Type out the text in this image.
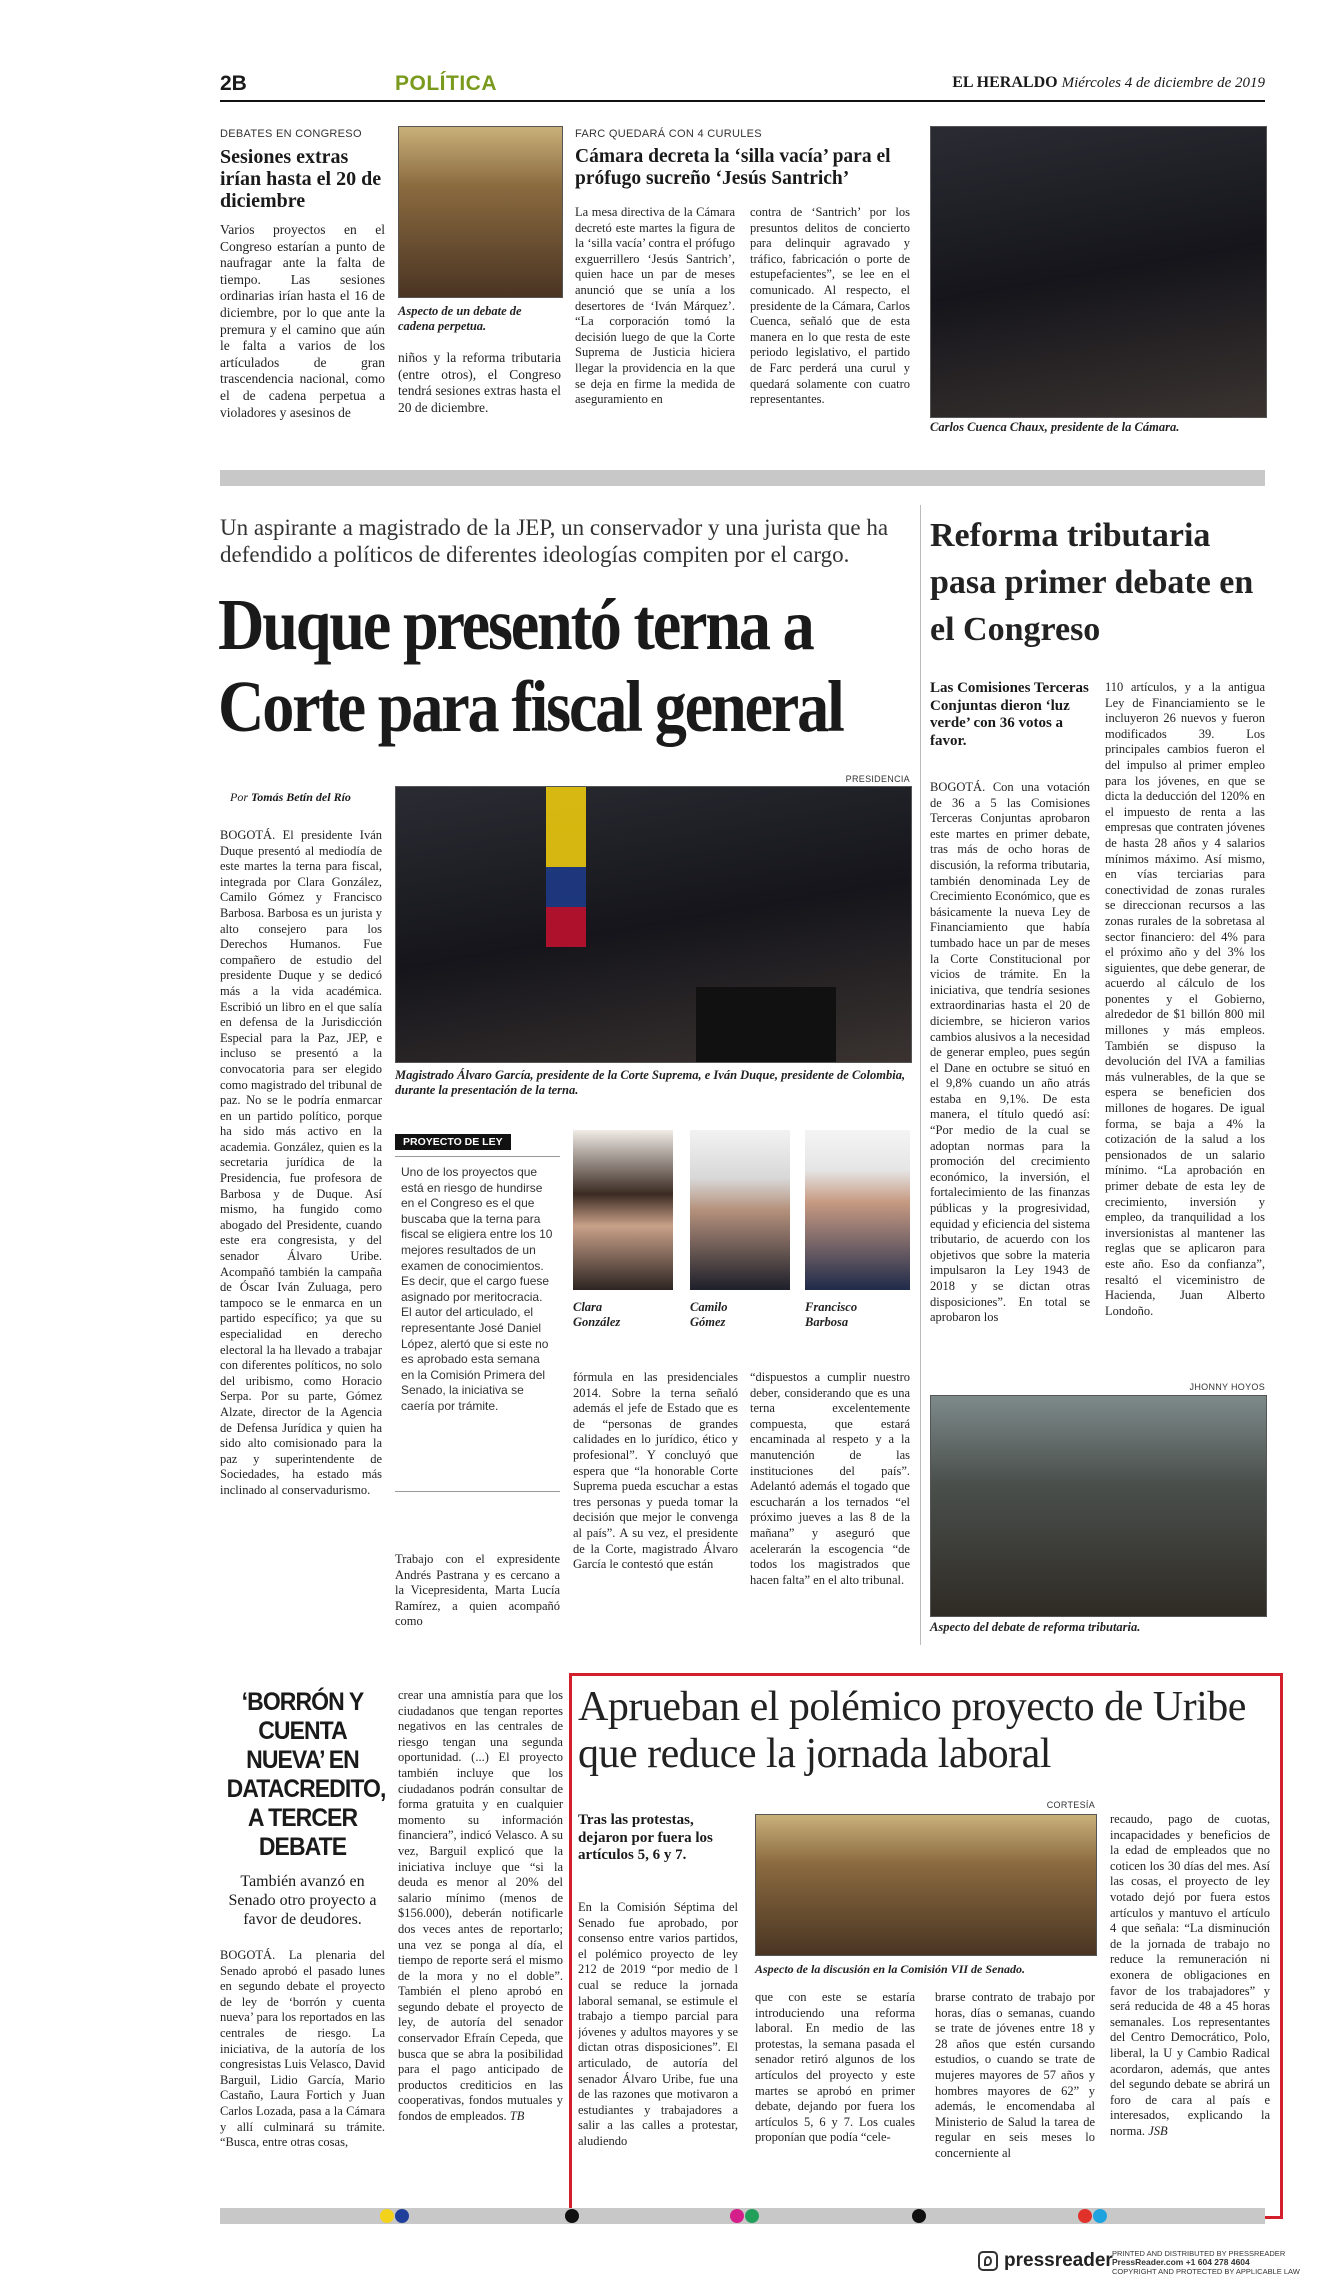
2B	POLÍTICA	EL HERALDO Miércoles 4 de diciembre de 2019
DEBATES EN CONGRESO
Sesiones extras irían hasta el 20 de diciembre
Varios proyectos en el Congreso estarían a punto de naufragar ante la falta de tiempo. Las sesiones ordinarias irían hasta el 16 de diciembre, por lo que ante la premura y el camino que aún le falta a varios de los artículados de gran trascendencia nacional, como el de cadena perpetua a violadores y asesinos de
Aspecto de un debate de cadena perpetua.
niños y la reforma tributaria (entre otros), el Congreso tendrá sesiones extras hasta el 20 de diciembre.
FARC QUEDARÁ CON 4 CURULES
Cámara decreta la ‘silla vacía’ para el prófugo sucreño ‘Jesús Santrich’
La mesa directiva de la Cámara decretó este martes la figura de la ‘silla vacía’ contra el prófugo exguerrillero ‘Jesús Santrich’, quien hace un par de meses anunció que se unía a los desertores de ‘Iván Márquez’. “La corporación tomó la decisión luego de que la Corte Suprema de Justicia hiciera llegar la providencia en la que se deja en firme la medida de aseguramiento en
contra de ‘Santrich’ por los presuntos delitos de concierto para delinquir agravado y tráfico, fabricación o porte de estupefacientes”, se lee en el comunicado. Al respecto, el presidente de la Cámara, Carlos Cuenca, señaló que de esta manera en lo que resta de este periodo legislativo, el partido de Farc perderá una curul y quedará solamente con cuatro representantes.
Carlos Cuenca Chaux, presidente de la Cámara.
Un aspirante a magistrado de la JEP, un conservador y una jurista que ha defendido a políticos de diferentes ideologías compiten por el cargo.
Duque presentó terna a
Corte para fiscal general
Por Tomás Betín del Río
PRESIDENCIA
Magistrado Álvaro García, presidente de la Corte Suprema, e Iván Duque, presidente de Colombia, durante la presentación de la terna.
BOGOTÁ. El presidente Iván Duque presentó al mediodía de este martes la terna para fiscal, integrada por Clara González, Camilo Gómez y Francisco Barbosa. Barbosa es un jurista y alto consejero para los Derechos Humanos. Fue compañero de estudio del presidente Duque y se dedicó más a la vida académica. Escribió un libro en el que salía en defensa de la Jurisdicción Especial para la Paz, JEP, e incluso se presentó a la convocatoria para ser elegido como magistrado del tribunal de paz. No se le podría enmarcar en un partido político, porque ha sido más activo en la academia. González, quien es la secretaria jurídica de la Presidencia, fue profesora de Barbosa y de Duque. Así mismo, ha fungido como abogado del Presidente, cuando este era congresista, y del senador Álvaro Uribe. Acompañó también la campaña de Óscar Iván Zuluaga, pero tampoco se le enmarca en un partido específico; ya que su especialidad en derecho electoral la ha llevado a trabajar con diferentes políticos, no solo del uribismo, como Horacio Serpa. Por su parte, Gómez Alzate, director de la Agencia de Defensa Jurídica y quien ha sido alto comisionado para la paz y superintendente de Sociedades, ha estado más inclinado al conservadurismo.
PROYECTO DE LEY
Uno de los proyectos que está en riesgo de hundirse en el Congreso es el que buscaba que la terna para fiscal se eligiera entre los 10 mejores resultados de un examen de conocimientos. Es decir, que el cargo fuese asignado por meritocracia. El autor del articulado, el representante José Daniel López, alertó que si este no es aprobado esta semana en la Comisión Primera del Senado, la iniciativa se caería por trámite.
Trabajo con el expresidente Andrés Pastrana y es cercano a la Vicepresidenta, Marta Lucía Ramírez, a quien acompañó como
Clara
González
Camilo
Gómez
Francisco
Barbosa
fórmula en las presidenciales 2014. Sobre la terna señaló además el jefe de Estado que es de “personas de grandes calidades en lo jurídico, ético y profesional”. Y concluyó que espera que “la honorable Corte Suprema pueda escuchar a estas tres personas y pueda tomar la decisión que mejor le convenga al país”. A su vez, el presidente de la Corte, magistrado Álvaro García le contestó que están
“dispuestos a cumplir nuestro deber, considerando que es una terna excelentemente compuesta, que estará encaminada al respeto y a la manutención de las instituciones del país”. Adelantó además el togado que escucharán a los ternados “el próximo jueves a las 8 de la mañana” y aseguró que acelerarán la escogencia “de todos los magistrados que hacen falta” en el alto tribunal.
Reforma tributaria pasa primer debate en el Congreso
Las Comisiones Terceras Conjuntas dieron ‘luz verde’ con 36 votos a favor.
BOGOTÁ. Con una votación de 36 a 5 las Comisiones Terceras Conjuntas aprobaron este martes en primer debate, tras más de ocho horas de discusión, la reforma tributaria, también denominada Ley de Crecimiento Económico, que es básicamente la nueva Ley de Financiamiento que había tumbado hace un par de meses la Corte Constitucional por vicios de trámite. En la iniciativa, que tendría sesiones extraordinarias hasta el 20 de diciembre, se hicieron varios cambios alusivos a la necesidad de generar empleo, pues según el Dane en octubre se situó en el 9,8% cuando un año atrás estaba en 9,1%. De esta manera, el título quedó así: “Por medio de la cual se adoptan normas para la promoción del crecimiento económico, la inversión, el fortalecimiento de las finanzas públicas y la progresividad, equidad y eficiencia del sistema tributario, de acuerdo con los objetivos que sobre la materia impulsaron la Ley 1943 de 2018 y se dictan otras disposiciones”. En total se aprobaron los
110 artículos, y a la antigua Ley de Financiamiento se le incluyeron 26 nuevos y fueron modificados 39. Los principales cambios fueron el del impulso al primer empleo para los jóvenes, en que se dicta la deducción del 120% en el impuesto de renta a las empresas que contraten jóvenes de hasta 28 años y 4 salarios mínimos máximo. Así mismo, en vías terciarias para conectividad de zonas rurales se direccionan recursos a las zonas rurales de la sobretasa al sector financiero: del 4% para el próximo año y del 3% los siguientes, que debe generar, de acuerdo al cálculo de los ponentes y el Gobierno, alrededor de $1 billón 800 mil millones y más empleos. También se dispuso la devolución del IVA a familias más vulnerables, de la que se espera se beneficien dos millones de hogares. De igual forma, se baja a 4% la cotización de la salud a los pensionados de un salario mínimo. “La aprobación en primer debate de esta ley de crecimiento, inversión y empleo, da tranquilidad a los inversionistas al mantener las reglas que se aplicaron para este año. Eso da confianza”, resaltó el viceministro de Hacienda, Juan Alberto Londoño.
JHONNY HOYOS
Aspecto del debate de reforma tributaria.
‘BORRÓN Y CUENTA NUEVA’ EN DATACREDITO, A TERCER DEBATE
También avanzó en Senado otro proyecto a favor de deudores.
BOGOTÁ. La plenaria del Senado aprobó el pasado lunes en segundo debate el proyecto de ley de ‘borrón y cuenta nueva’ para los reportados en las centrales de riesgo. La iniciativa, de la autoría de los congresistas Luis Velasco, David Barguil, Lidio García, Mario Castaño, Laura Fortich y Juan Carlos Lozada, pasa a la Cámara y allí culminará su trámite. “Busca, entre otras cosas,
crear una amnistía para que los ciudadanos que tengan reportes negativos en las centrales de riesgo tengan una segunda oportunidad. (...) El proyecto también incluye que los ciudadanos podrán consultar de forma gratuita y en cualquier momento su información financiera”, indicó Velasco. A su vez, Barguil explicó que la iniciativa incluye que “si la deuda es menor al 20% del salario mínimo (menos de $156.000), deberán notificarle dos veces antes de reportarlo; una vez se ponga al día, el tiempo de reporte será el mismo de la mora y no el doble”. También el pleno aprobó en segundo debate el proyecto de ley, de autoría del senador conservador Efraín Cepeda, que busca que se abra la posibilidad para el pago anticipado de productos crediticios en las cooperativas, fondos mutuales y fondos de empleados. TB
Aprueban el polémico proyecto de Uribe que reduce la jornada laboral
Tras las protestas, dejaron por fuera los artículos 5, 6 y 7.
CORTESÍA
Aspecto de la discusión en la Comisión VII de Senado.
En la Comisión Séptima del Senado fue aprobado, por consenso entre varios partidos, el polémico proyecto de ley 212 de 2019 “por medio de l cual se reduce la jornada laboral semanal, se estimule el trabajo a tiempo parcial para jóvenes y adultos mayores y se dictan otras disposiciones”. El articulado, de autoría del senador Álvaro Uribe, fue una de las razones que motivaron a estudiantes y trabajadores a salir a las calles a protestar, aludiendo
que con este se estaría introduciendo una reforma laboral. En medio de las protestas, la semana pasada el senador retiró algunos de los artículos del proyecto y este martes se aprobó en primer debate, dejando por fuera los artículos 5, 6 y 7. Los cuales proponían que podía “cele-
brarse contrato de trabajo por horas, días o semanas, cuando se trate de jóvenes entre 18 y 28 años que estén cursando estudios, o cuando se trate de mujeres mayores de 57 años y hombres mayores de 62” y además, le encomendaba al Ministerio de Salud la tarea de regular en seis meses lo concerniente al
recaudo, pago de cuotas, incapacidades y beneficios de la edad de empleados que no coticen los 30 días del mes. Así las cosas, el proyecto de ley votado dejó por fuera estos artículos y mantuvo el artículo 4 que señala: “La disminución de la jornada de trabajo no reduce la remuneración ni exonera de obligaciones en favor de los trabajadores” y será reducida de 48 a 45 horas semanales. Los representantes del Centro Democrático, Polo, liberal, la U y Cambio Radical acordaron, además, que antes del segundo debate se abrirá un foro de cara al país e interesados, explicando la norma. JSB
pressreader PRINTED AND DISTRIBUTED BY PRESSREADER
PressReader.com +1 604 278 4604
COPYRIGHT AND PROTECTED BY APPLICABLE LAW
